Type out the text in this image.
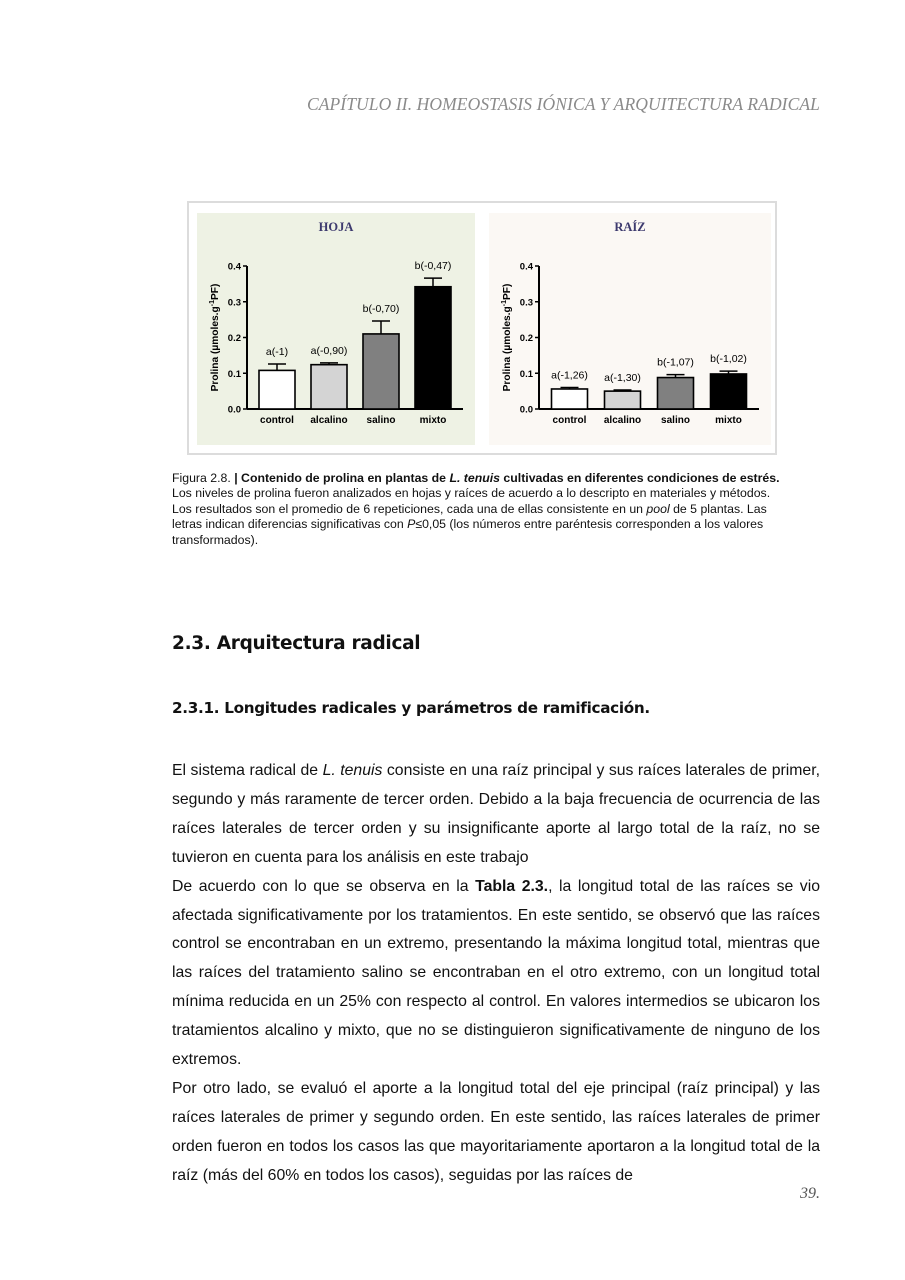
CAPÍTULO II. HOMEOSTASIS IÓNICA Y ARQUITECTURA RADICAL
HOJA
Prolina $(\mu moles.g^{-1}PF)$
0.0
0.1
0.2
0.3
0.4
a(-1)
control
a(-0,90)
alcalino
b(-0,70)
salino
b(-0,47)
mixto
RAÍZ
Prolina $(\mu moles.g^{-1}PF)$
0.0
0.1
0.2
0.3
0.4
a(-1,26)
control
a(-1,30)
alcalino
b(-1,07)
salino
b(-1,02)
mixto
Figura 2.8. | Contenido de prolina en plantas de L. tenuis cultivadas en diferentes condiciones de estrés. Los niveles de prolina fueron analizados en hojas y raíces de acuerdo a lo descripto en materiales y métodos. Los resultados son el promedio de 6 repeticiones, cada una de ellas consistente en un pool de 5 plantas. Las letras indican diferencias significativas con P≤0,05 (los números entre paréntesis corresponden a los valores transformados).
2.3. Arquitectura radical
2.3.1. Longitudes radicales y parámetros de ramificación.

El sistema radical de L. tenuis consiste en una raíz principal y sus raíces laterales de primer, segundo y más raramente de tercer orden. Debido a la baja frecuencia de ocurrencia de las raíces laterales de tercer orden y su insignificante aporte al largo total de la raíz, no se tuvieron en cuenta para los análisis en este trabajo

De acuerdo con lo que se observa en la Tabla 2.3., la longitud total de las raíces se vio afectada significativamente por los tratamientos. En este sentido, se observó que las raíces control se encontraban en un extremo, presentando la máxima longitud total, mientras que las raíces del tratamiento salino se encontraban en el otro extremo, con un longitud total mínima reducida en un 25% con respecto al control. En valores intermedios se ubicaron los tratamientos alcalino y mixto, que no se distinguieron significativamente de ninguno de los extremos.

Por otro lado, se evaluó el aporte a la longitud total del eje principal (raíz principal) y las raíces laterales de primer y segundo orden. En este sentido, las raíces laterales de primer orden fueron en todos los casos las que mayoritariamente aportaron a la longitud total de la raíz (más del 60% en todos los casos), seguidas por las raíces de

39.
